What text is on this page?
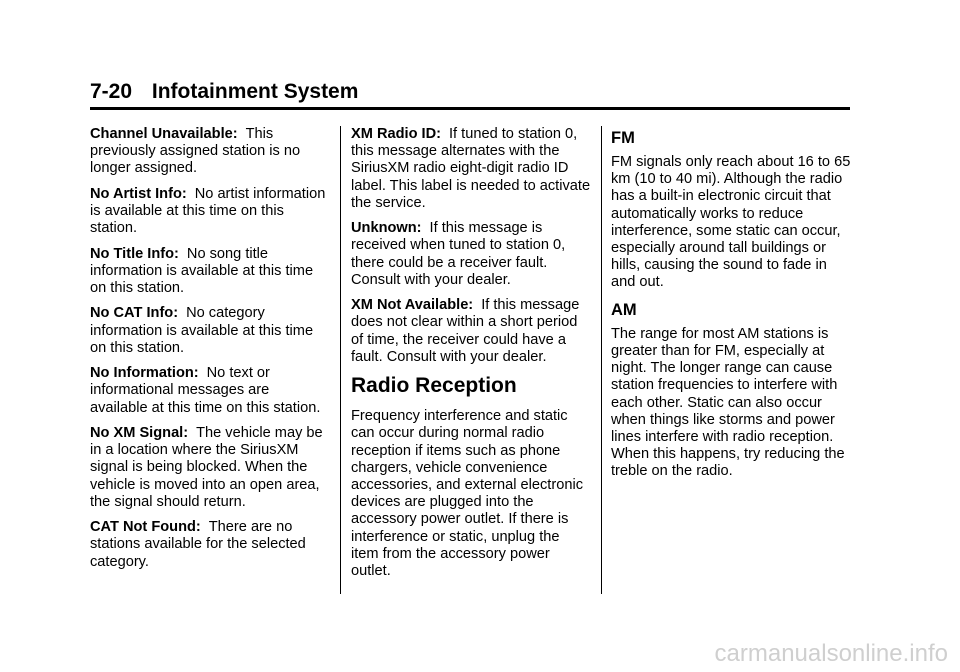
7-20 Infotainment System

Channel Unavailable: This previously assigned station is no longer assigned.

No Artist Info: No artist information is available at this time on this station.

No Title Info: No song title information is available at this time on this station.

No CAT Info: No category information is available at this time on this station.

No Information: No text or informational messages are available at this time on this station.

No XM Signal: The vehicle may be in a location where the SiriusXM signal is being blocked. When the vehicle is moved into an open area, the signal should return.

CAT Not Found: There are no stations available for the selected category.

XM Radio ID: If tuned to station 0, this message alternates with the SiriusXM radio eight-digit radio ID label. This label is needed to activate the service.

Unknown: If this message is received when tuned to station 0, there could be a receiver fault. Consult with your dealer.

XM Not Available: If this message does not clear within a short period of time, the receiver could have a fault. Consult with your dealer.

Radio Reception

Frequency interference and static can occur during normal radio reception if items such as phone chargers, vehicle convenience accessories, and external electronic devices are plugged into the accessory power outlet. If there is interference or static, unplug the item from the accessory power outlet.

FM

FM signals only reach about 16 to 65 km (10 to 40 mi). Although the radio has a built-in electronic circuit that automatically works to reduce interference, some static can occur, especially around tall buildings or hills, causing the sound to fade in and out.

AM

The range for most AM stations is greater than for FM, especially at night. The longer range can cause station frequencies to interfere with each other. Static can also occur when things like storms and power lines interfere with radio reception. When this happens, try reducing the treble on the radio.

carmanualsonline.info
